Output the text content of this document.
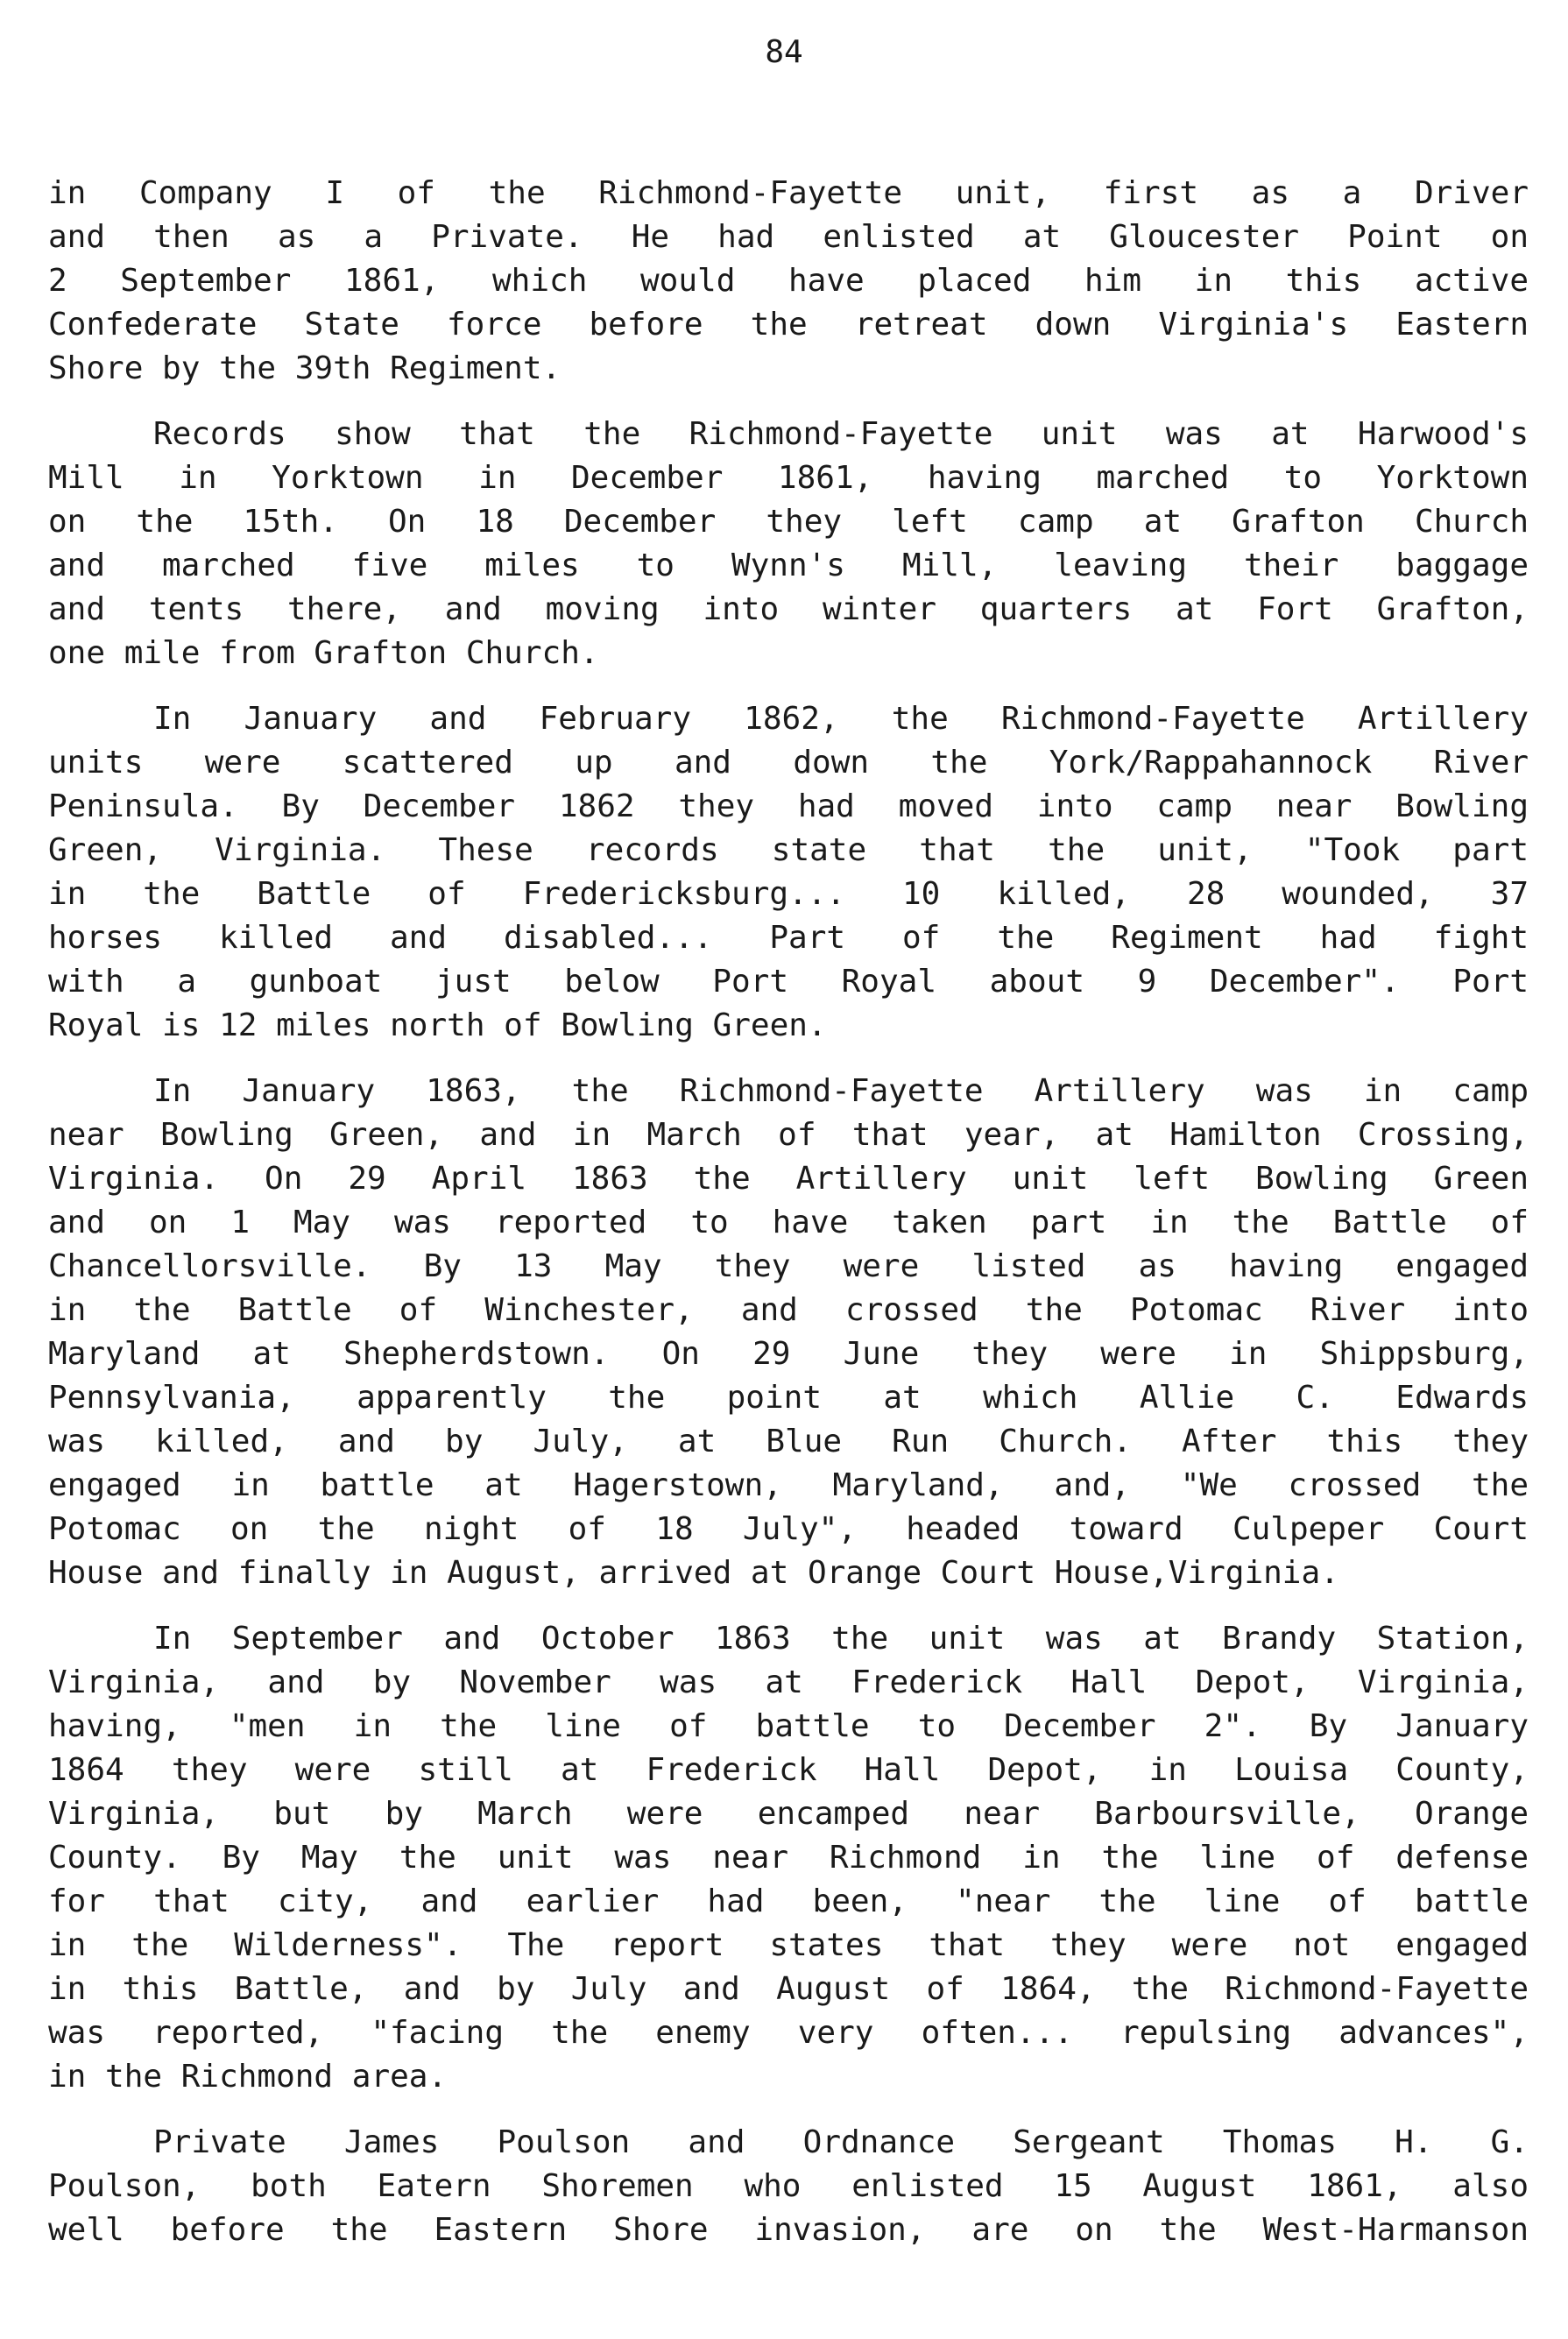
84
in Company I of the Richmond-Fayette unit, first as a Driver
and then as a Private. He had enlisted at Gloucester Point on
2 September 1861, which would have placed him in this active
Confederate State force before the retreat down Virginia's Eastern
Shore by the 39th Regiment.
Records show that the Richmond-Fayette unit was at Harwood's
Mill in Yorktown in December 1861, having marched to Yorktown
on the 15th. On 18 December they left camp at Grafton Church
and marched five miles to Wynn's Mill, leaving their baggage
and tents there, and moving into winter quarters at Fort Grafton,
one mile from Grafton Church.
In January and February 1862, the Richmond-Fayette Artillery
units were scattered up and down the York/Rappahannock River
Peninsula. By December 1862 they had moved into camp near Bowling
Green, Virginia. These records state that the unit, "Took part
in the Battle of Fredericksburg... 10 killed, 28 wounded, 37
horses killed and disabled... Part of the Regiment had fight
with a gunboat just below Port Royal about 9 December". Port
Royal is 12 miles north of Bowling Green.
In January 1863, the Richmond-Fayette Artillery was in camp
near Bowling Green, and in March of that year, at Hamilton Crossing,
Virginia. On 29 April 1863 the Artillery unit left Bowling Green
and on 1 May was reported to have taken part in the Battle of
Chancellorsville. By 13 May they were listed as having engaged
in the Battle of Winchester, and crossed the Potomac River into
Maryland at Shepherdstown. On 29 June they were in Shippsburg,
Pennsylvania, apparently the point at which Allie C. Edwards
was killed, and by July, at Blue Run Church. After this they
engaged in battle at Hagerstown, Maryland, and, "We crossed the
Potomac on the night of 18 July", headed toward Culpeper Court
House and finally in August, arrived at Orange Court House,Virginia.
In September and October 1863 the unit was at Brandy Station,
Virginia, and by November was at Frederick Hall Depot, Virginia,
having, "men in the line of battle to December 2". By January
1864 they were still at Frederick Hall Depot, in Louisa County,
Virginia, but by March were encamped near Barboursville, Orange
County. By May the unit was near Richmond in the line of defense
for that city, and earlier had been, "near the line of battle
in the Wilderness". The report states that they were not engaged
in this Battle, and by July and August of 1864, the Richmond-Fayette
was reported, "facing the enemy very often... repulsing advances",
in the Richmond area.
Private James Poulson and Ordnance Sergeant Thomas H. G.
Poulson, both Eatern Shoremen who enlisted 15 August 1861, also
well before the Eastern Shore invasion, are on the West-Harmanson
